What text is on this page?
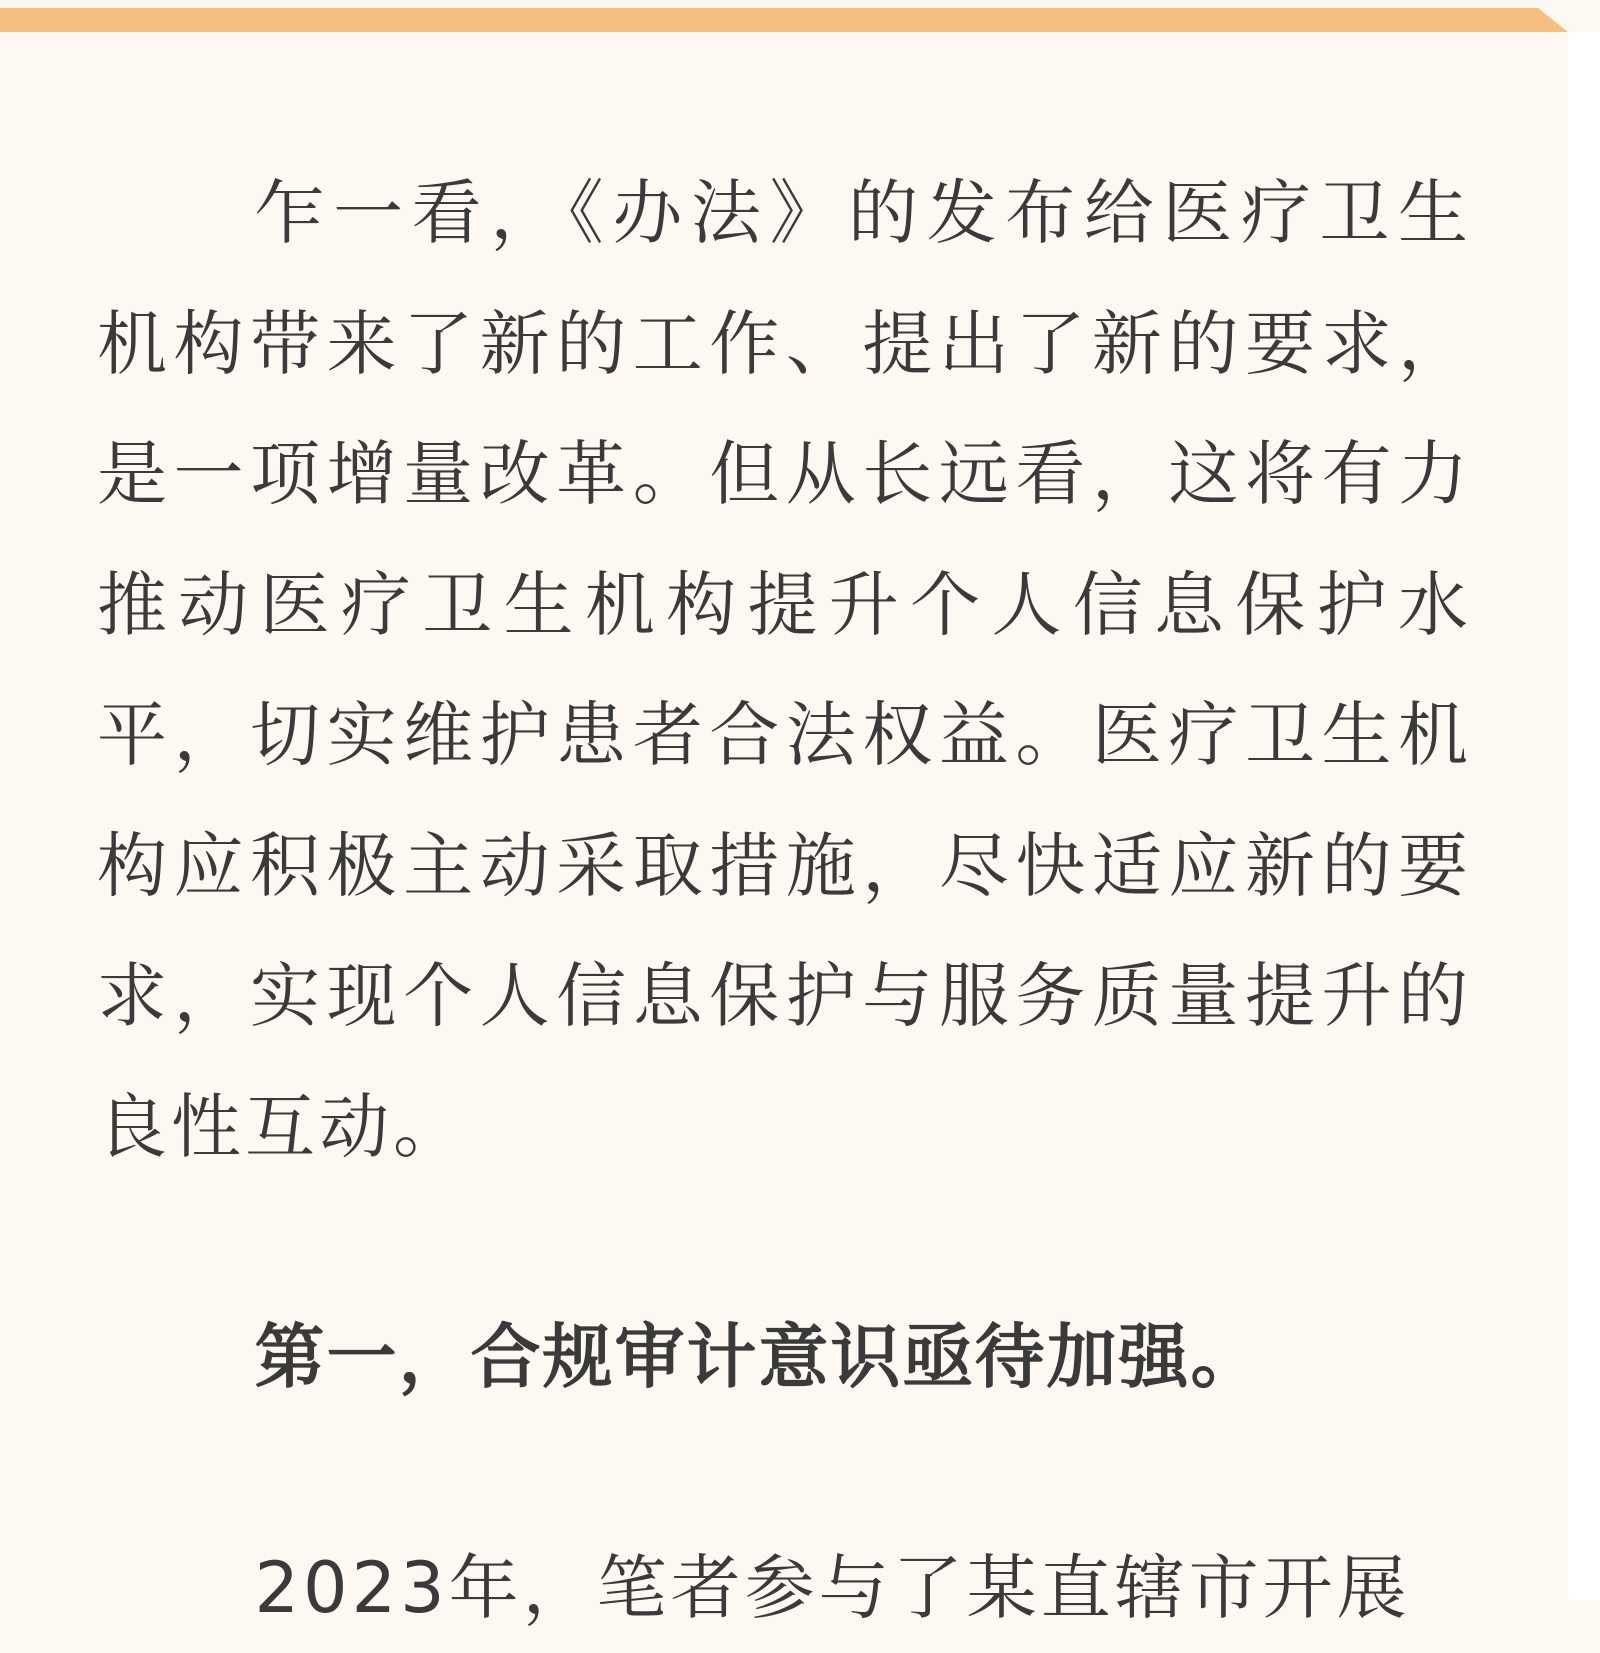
乍一看，《办法》的发布给医疗卫生机构带来了新的工作、提出了新的要求，是一项增量改革。但从长远看，这将有力推动医疗卫生机构提升个人信息保护水平，切实维护患者合法权益。医疗卫生机构应积极主动采取措施，尽快适应新的要求，实现个人信息保护与服务质量提升的良性互动。

第一，合规审计意识亟待加强。

2023年，笔者参与了某直辖市开展
